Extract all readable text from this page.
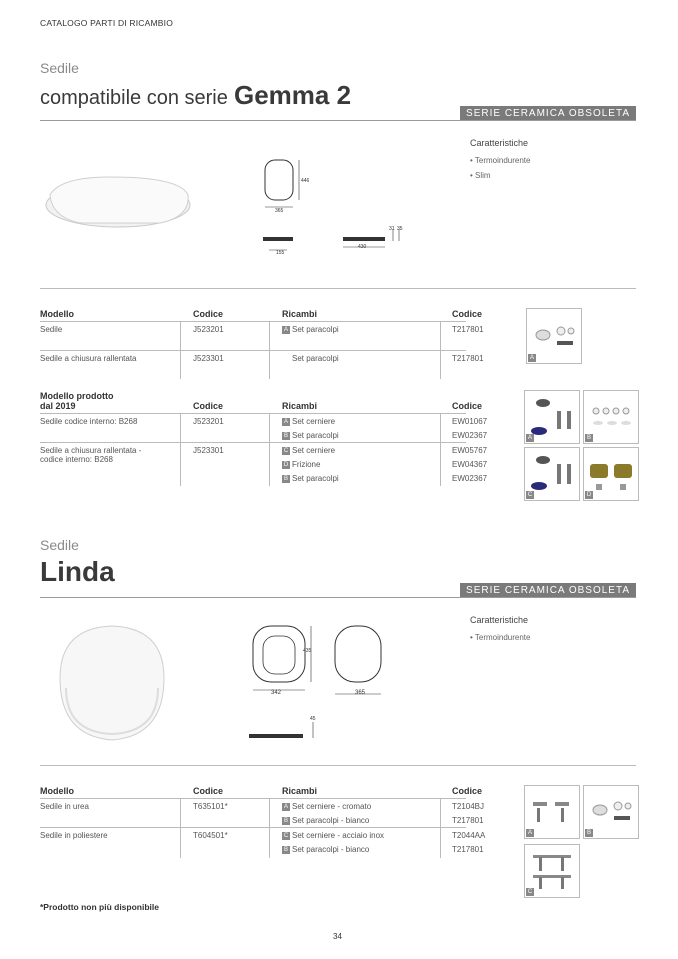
CATALOGO PARTI DI RICAMBIO
Sedile
compatibile con serie Gemma 2
SERIE CERAMICA OBSOLETA
365
446
155
430
31 35
Caratteristiche
• Termoindurente
• Slim
Modello	Codice	Ricambi	Codice
Sedile	J523201	A Set paracolpi	T217801
Sedile a chiusura rallentata	J523301	Set paracolpi	T217801	A
Modello prodotto
dal 2019	Codice	Ricambi	Codice
Sedile codice interno: B268	J523201	A Set cerniere	EW01067
B Set paracolpi	EW02367
Sedile a chiusura rallentata -
codice interno: B268
J523301	C Set cerniere	EW05767
D Frizione	EW04367
B Set paracolpi	EW02367
A	B
C	D
Sedile
Linda
SERIE CERAMICA OBSOLETA
342
435
365
45
Caratteristiche
• Termoindurente
Modello	Codice	Ricambi	Codice
Sedile in urea	T635101*	A Set cerniere - cromato	T2104BJ
B Set paracolpi - bianco	T217801
Sedile in poliestere	T604501*	C Set cerniere - acciaio inox	T2044AA
B Set paracolpi - bianco	T217801
A	B
C
*Prodotto non più disponibile
34
